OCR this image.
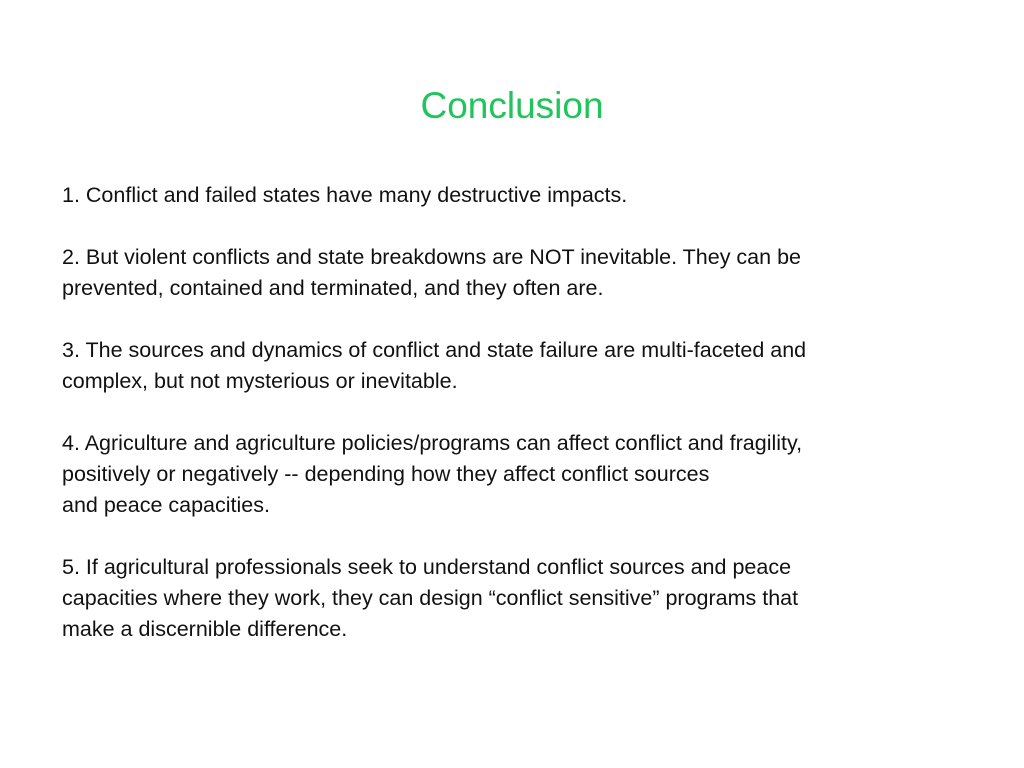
Conclusion
1. Conflict and failed states have many destructive impacts.
2. But violent conflicts and state breakdowns are NOT inevitable. They can be
prevented, contained and terminated, and they often are.
3. The sources and dynamics of conflict and state failure are multi-faceted and
complex, but not mysterious or inevitable.
4. Agriculture and agriculture policies/programs can affect conflict and fragility,
positively or negatively -- depending how they affect conflict sources
and peace capacities.
5. If agricultural professionals seek to understand conflict sources and peace
capacities where they work, they can design “conflict sensitive” programs that
make a discernible difference.
